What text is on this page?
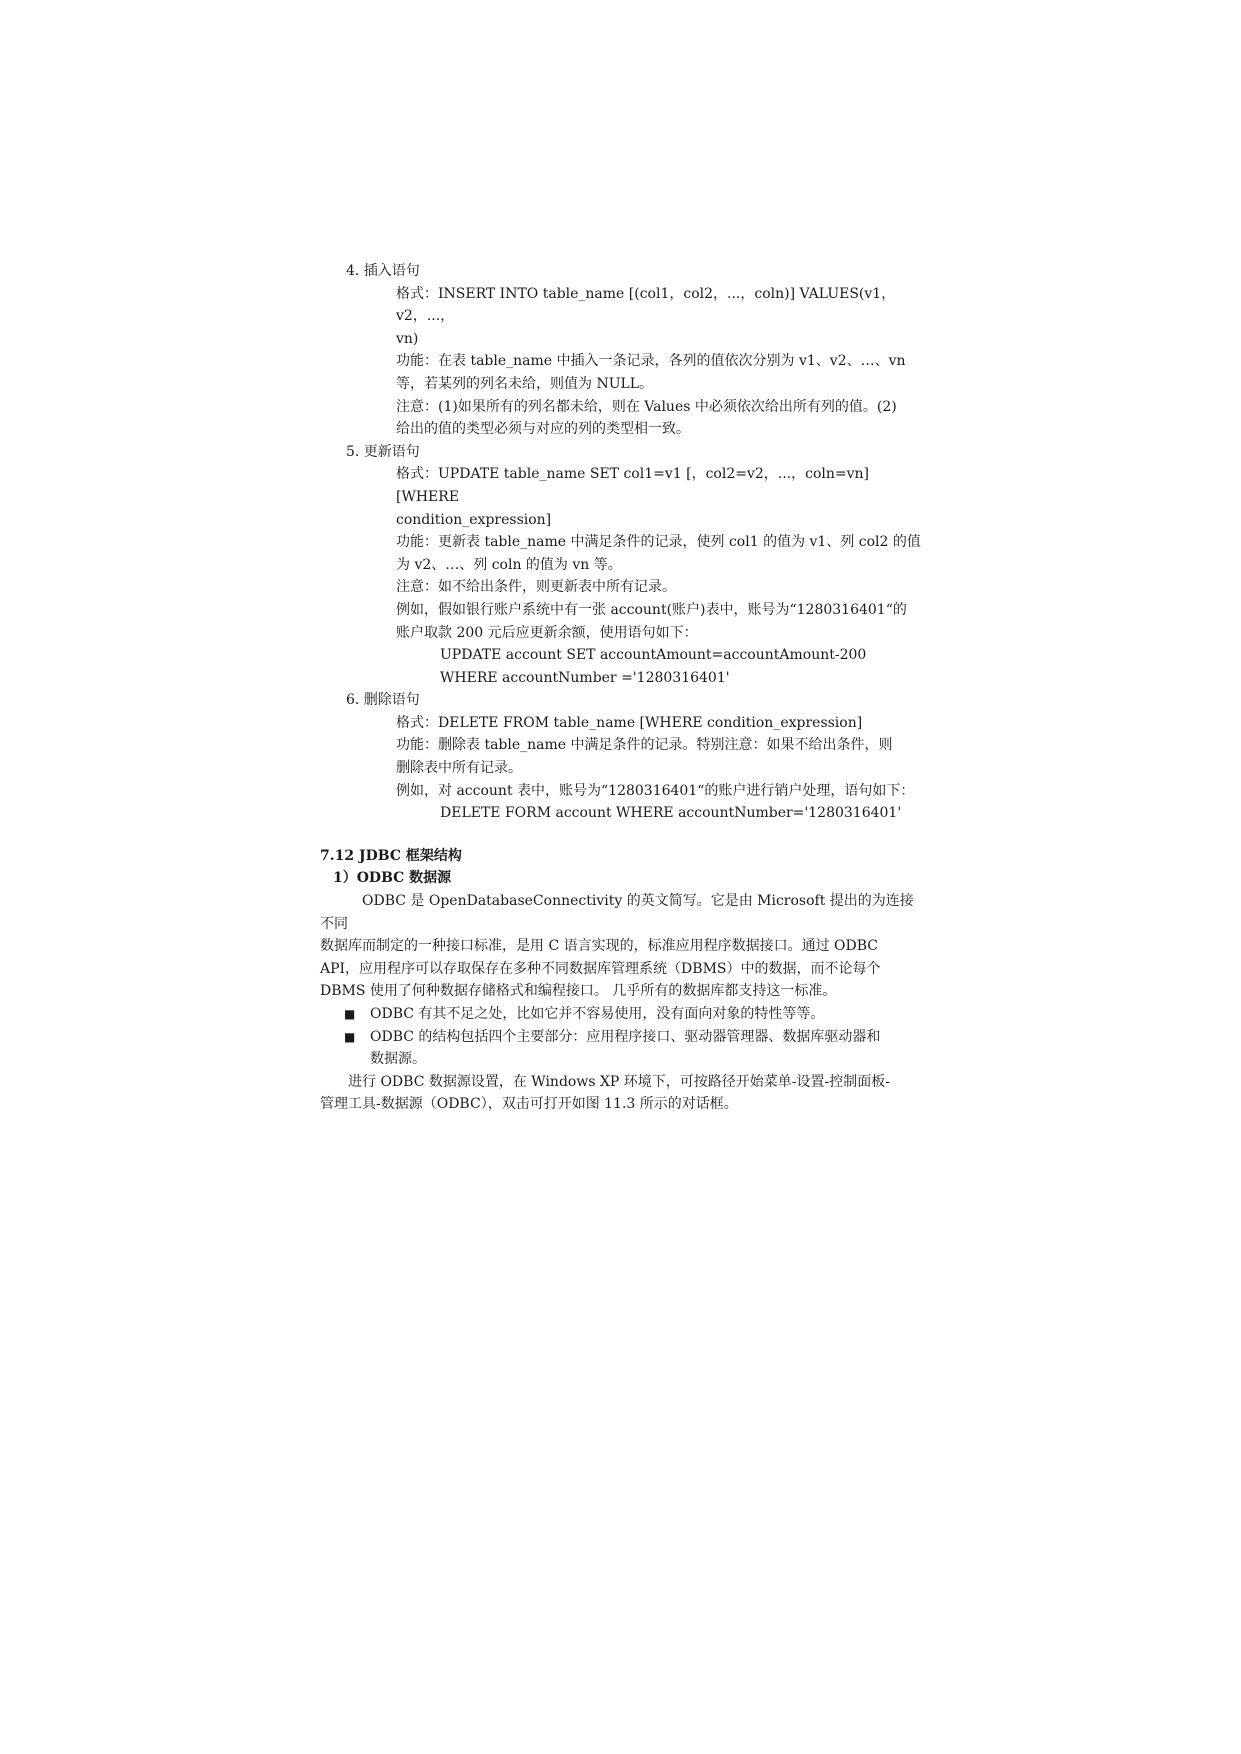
4. 插入语句

格式：INSERT INTO table_name [(col1，col2，...，coln)] VALUES(v1，v2，...，

vn)

功能：在表 table_name 中插入一条记录，各列的值依次分别为 v1、v2、…、vn

等，若某列的列名未给，则值为 NULL。

注意：(1)如果所有的列名都未给，则在 Values 中必须依次给出所有列的值。(2)

给出的值的类型必须与对应的列的类型相一致。

5. 更新语句

格式：UPDATE table_name SET col1=v1 [，col2=v2，...，coln=vn][WHERE

condition_expression]

功能：更新表 table_name 中满足条件的记录，使列 col1 的值为 v1、列 col2 的值

为 v2、…、列 coln 的值为 vn 等。

注意：如不给出条件，则更新表中所有记录。

例如，假如银行账户系统中有一张 account(账户)表中，账号为“1280316401“的

账户取款 200 元后应更新余额，使用语句如下：

UPDATE account SET accountAmount=accountAmount-200

WHERE accountNumber ='1280316401'

6. 删除语句

格式：DELETE FROM table_name [WHERE condition_expression]

功能：删除表 table_name 中满足条件的记录。特别注意：如果不给出条件，则

删除表中所有记录。

例如，对 account 表中，账号为“1280316401“的账户进行销户处理，语句如下：

DELETE FORM account WHERE accountNumber='1280316401'

7.12 JDBC 框架结构

1）ODBC 数据源

ODBC 是 OpenDatabaseConnectivity 的英文简写。它是由 Microsoft 提出的为连接不同

数据库而制定的一种接口标准，是用 C 语言实现的，标准应用程序数据接口。通过 ODBC

API，应用程序可以存取保存在多种不同数据库管理系统（DBMS）中的数据，而不论每个

DBMS 使用了何种数据存储格式和编程接口。 几乎所有的数据库都支持这一标准。

■	ODBC 有其不足之处，比如它并不容易使用，没有面向对象的特性等等。
■	ODBC 的结构包括四个主要部分：应用程序接口、驱动器管理器、数据库驱动器和
数据源。

进行 ODBC 数据源设置，在 Windows XP 环境下，可按路径开始菜单-设置-控制面板-

管理工具-数据源（ODBC），双击可打开如图 11.3 所示的对话框。
